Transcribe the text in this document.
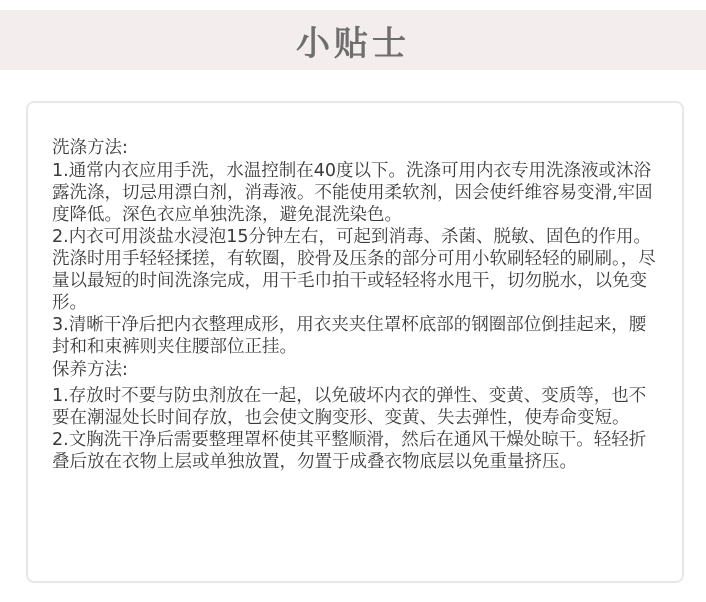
小贴士
洗涤方法:
1.通常内衣应用手洗，水温控制在40度以下。洗涤可用内衣专用洗涤液或沐浴露洗涤，切忌用漂白剂，消毒液。不能使用柔软剂，因会使纤维容易变滑,牢固度降低。深色衣应单独洗涤，避免混洗染色。
2.内衣可用淡盐水浸泡15分钟左右，可起到消毒、杀菌、脱敏、固色的作用。洗涤时用手轻轻揉搓，有软圈，胶骨及压条的部分可用小软刷轻轻的刷刷。，尽量以最短的时间洗涤完成，用干毛巾拍干或轻轻将水甩干，切勿脱水，以免变形。
3.清晰干净后把内衣整理成形，用衣夹夹住罩杯底部的钢圈部位倒挂起来，腰封和和束裤则夹住腰部位正挂。
保养方法:
1.存放时不要与防虫剂放在一起，以免破坏内衣的弹性、变黄、变质等，也不要在潮湿处长时间存放，也会使文胸变形、变黄、失去弹性，使寿命变短。
2.文胸洗干净后需要整理罩杯使其平整顺滑，然后在通风干燥处晾干。轻轻折叠后放在衣物上层或单独放置，勿置于成叠衣物底层以免重量挤压。
